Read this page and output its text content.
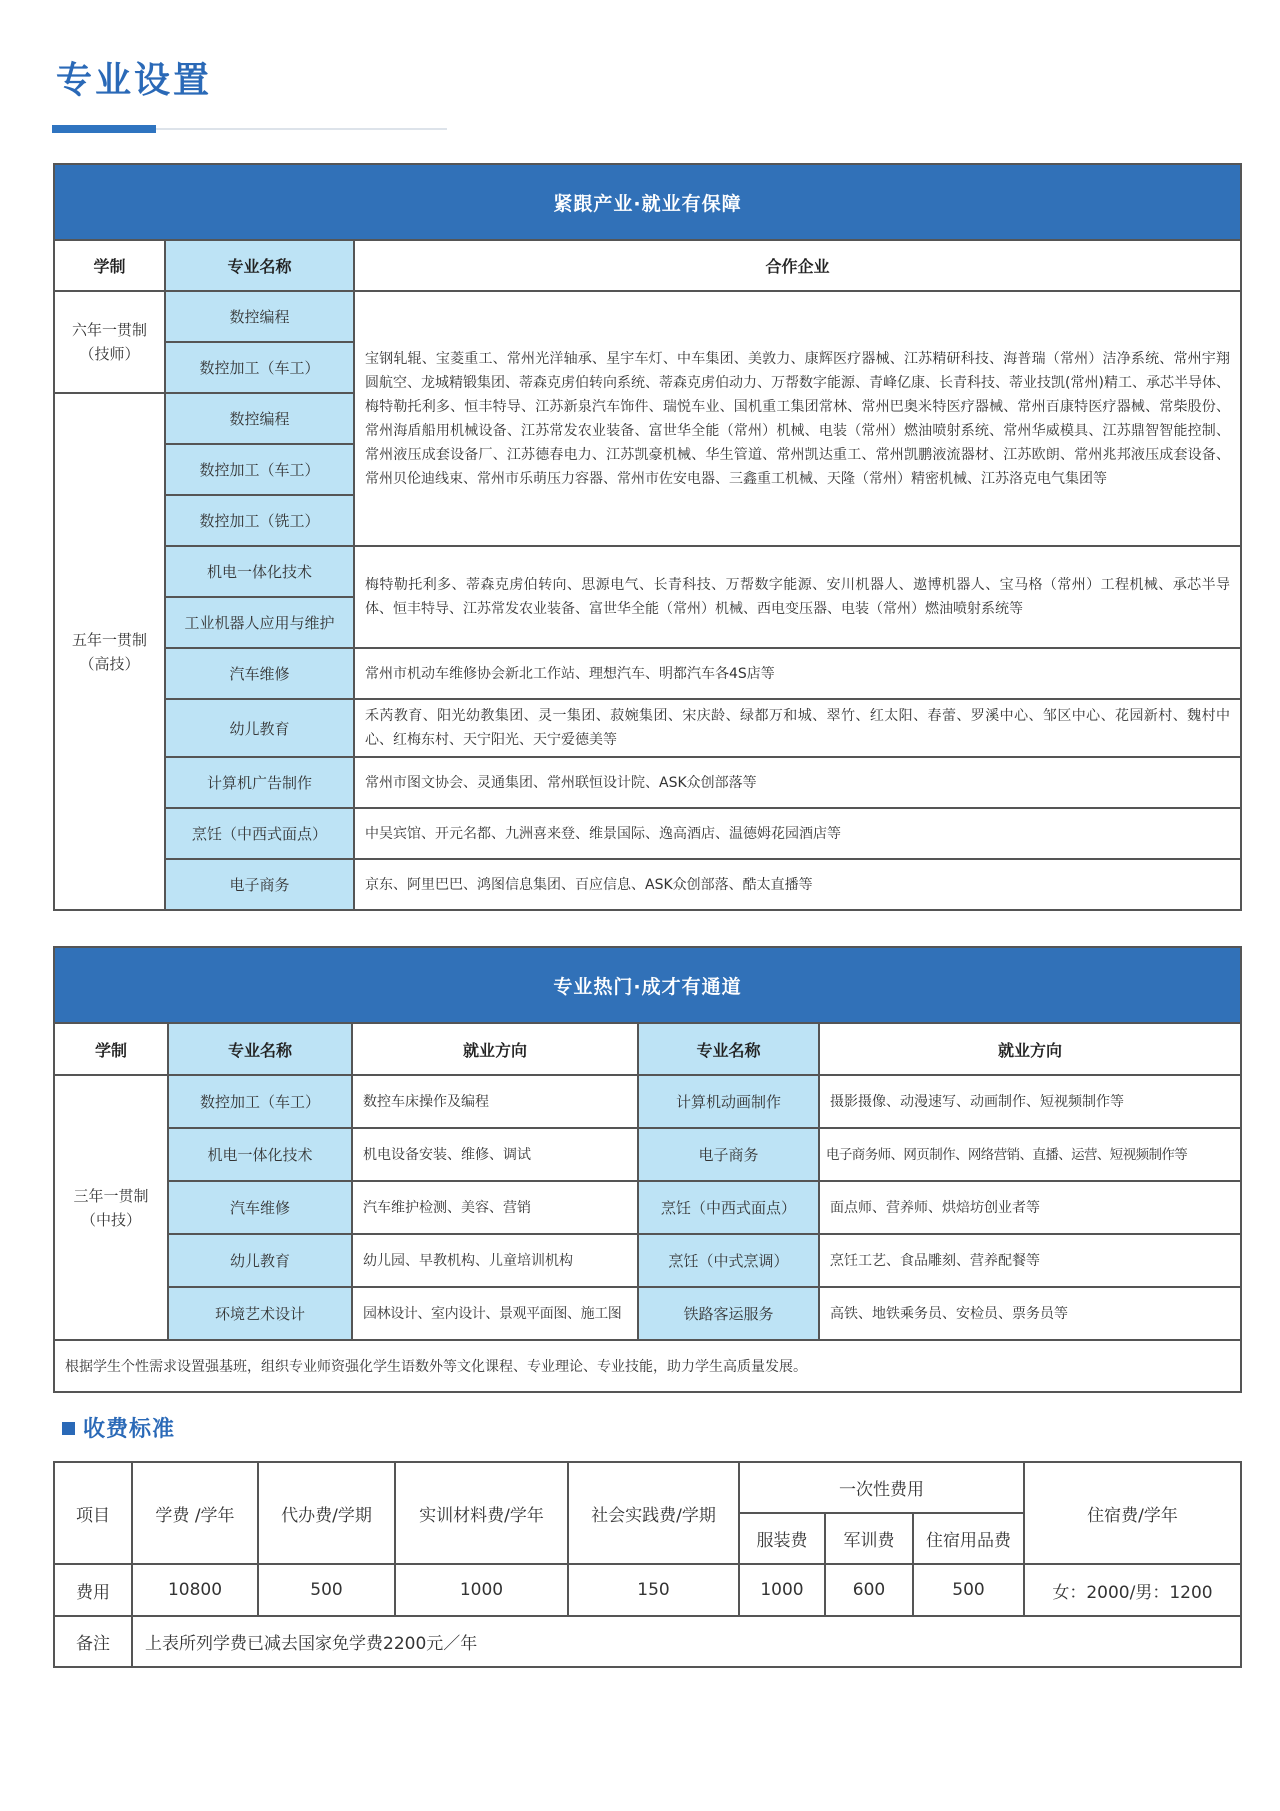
专业设置
紧跟产业·就业有保障		
学制	专业名称	合作企业
六年一贯制
（技师）	数控编程	宝钢轧辊、宝菱重工、常州光洋轴承、星宇车灯、中车集团、美敦力、康辉医疗器械、江苏精研科技、海普瑞（常州）洁净系统、常州宇翔圆航空、龙城精锻集团、蒂森克虏伯转向系统、蒂森克虏伯动力、万帮数字能源、青峰亿康、长青科技、蒂业技凯(常州)精工、承芯半导体、梅特勒托利多、恒丰特导、江苏新泉汽车饰件、瑞悦车业、国机重工集团常林、常州巴奥米特医疗器械、常州百康特医疗器械、常柴股份、常州海盾船用机械设备、江苏常发农业装备、富世华全能（常州）机械、电装（常州）燃油喷射系统、常州华威模具、江苏鼎智智能控制、常州液压成套设备厂、江苏德春电力、江苏凯豪机械、华生管道、常州凯达重工、常州凯鹏液流器材、江苏欧朗、常州兆邦液压成套设备、常州贝伦迪线束、常州市乐萌压力容器、常州市佐安电器、三鑫重工机械、天隆（常州）精密机械、江苏洛克电气集团等
	数控加工（车工）	
五年一贯制
（高技）	数控编程	
	数控加工（车工）	
	数控加工（铣工）	
	机电一体化技术	梅特勒托利多、蒂森克虏伯转向、思源电气、长青科技、万帮数字能源、安川机器人、遨博机器人、宝马格（常州）工程机械、承芯半导体、恒丰特导、江苏常发农业装备、富世华全能（常州）机械、西电变压器、电装（常州）燃油喷射系统等
	工业机器人应用与维护	
	汽车维修	常州市机动车维修协会新北工作站、理想汽车、明都汽车各4S店等
	幼儿教育	禾芮教育、阳光幼教集团、灵一集团、菽婉集团、宋庆龄、绿都万和城、翠竹、红太阳、春蕾、罗溪中心、邹区中心、花园新村、魏村中心、红梅东村、天宁阳光、天宁爱德美等
	计算机广告制作	常州市图文协会、灵通集团、常州联恒设计院、ASK众创部落等
	烹饪（中西式面点）	中吴宾馆、开元名都、九洲喜来登、维景国际、逸高酒店、温德姆花园酒店等
	电子商务	京东、阿里巴巴、鸿图信息集团、百应信息、ASK众创部落、酷太直播等
专业热门·成才有通道				
学制	专业名称	就业方向	专业名称	就业方向
三年一贯制
（中技）	数控加工（车工）	数控车床操作及编程	计算机动画制作	摄影摄像、动漫速写、动画制作、短视频制作等
	机电一体化技术	机电设备安装、维修、调试	电子商务	电子商务师、网页制作、网络营销、直播、运营、短视频制作等
	汽车维修	汽车维护检测、美容、营销	烹饪（中西式面点）	面点师、营养师、烘焙坊创业者等
	幼儿教育	幼儿园、早教机构、儿童培训机构	烹饪（中式烹调）	烹饪工艺、食品雕刻、营养配餐等
	环境艺术设计	园林设计、室内设计、景观平面图、施工图	铁路客运服务	高铁、地铁乘务员、安检员、票务员等
根据学生个性需求设置强基班，组织专业师资强化学生语数外等文化课程、专业理论、专业技能，助力学生高质量发展。				
收费标准
项目	学费 /学年	代办费/学期	实训材料费/学年	社会实践费/学期	一次性费用			住宿费/学年
					服装费	军训费	住宿用品费	
费用	10800	500	1000	150	1000	600	500	女：2000/男：1200
备注	上表所列学费已减去国家免学费2200元／年							
